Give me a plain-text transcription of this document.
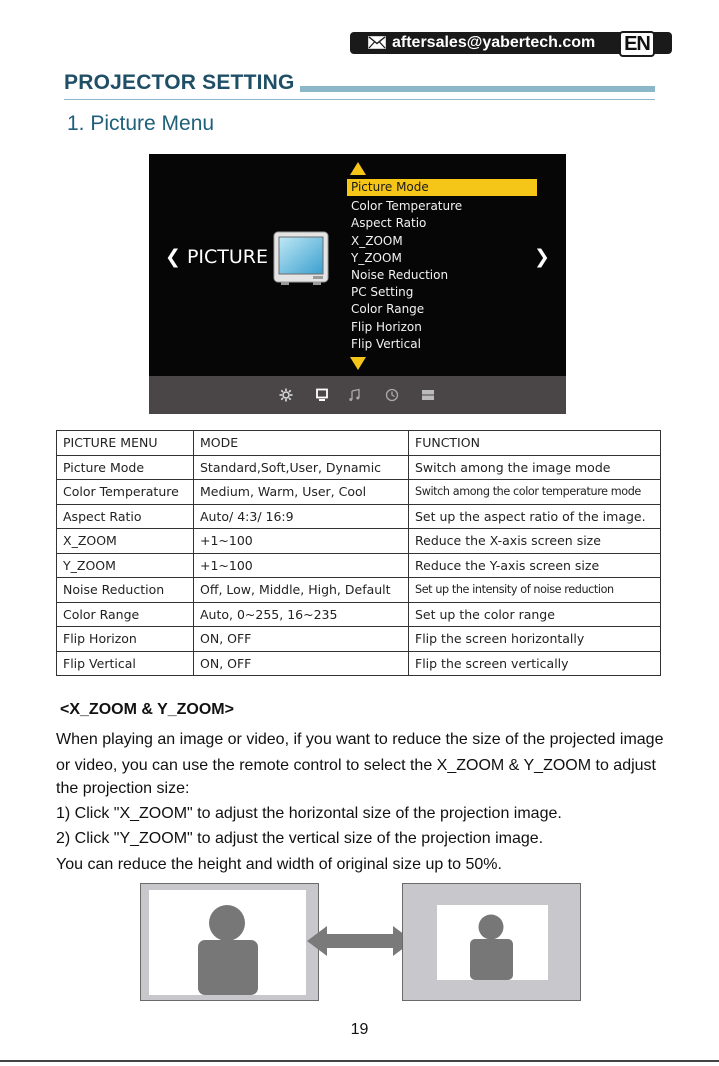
aftersales@yabertech.com EN
PROJECTOR SETTING
1. Picture Menu
❮ PICTURE	❯
Picture Mode
Color Temperature
Aspect Ratio
X_ZOOM
Y_ZOOM
Noise Reduction
PC Setting
Color Range
Flip Horizon
Flip Vertical
PICTURE MENU	MODE	FUNCTION
Picture Mode	Standard,Soft,User, Dynamic	Switch among the image mode
Color Temperature	Medium, Warm, User, Cool	Switch among the color temperature mode
Aspect Ratio	Auto/ 4:3/ 16:9	Set up the aspect ratio of the image.
X_ZOOM	+1~100	Reduce the X-axis screen size
Y_ZOOM	+1~100	Reduce the Y-axis screen size
Noise Reduction	Off, Low, Middle, High, Default	Set up the intensity of noise reduction
Color Range	Auto, 0~255, 16~235	Set up the color range
Flip Horizon	ON, OFF	Flip the screen horizontally
Flip Vertical	ON, OFF	Flip the screen vertically
<X_ZOOM & Y_ZOOM>
When playing an image or video, if you want to reduce the size of the projected image
or video, you can use the remote control to select the X_ZOOM & Y_ZOOM to adjust
the projection size:
1) Click "X_ZOOM" to adjust the horizontal size of the projection image.
2) Click "Y_ZOOM" to adjust the vertical size of the projection image.
You can reduce the height and width of original size up to 50%.
19
